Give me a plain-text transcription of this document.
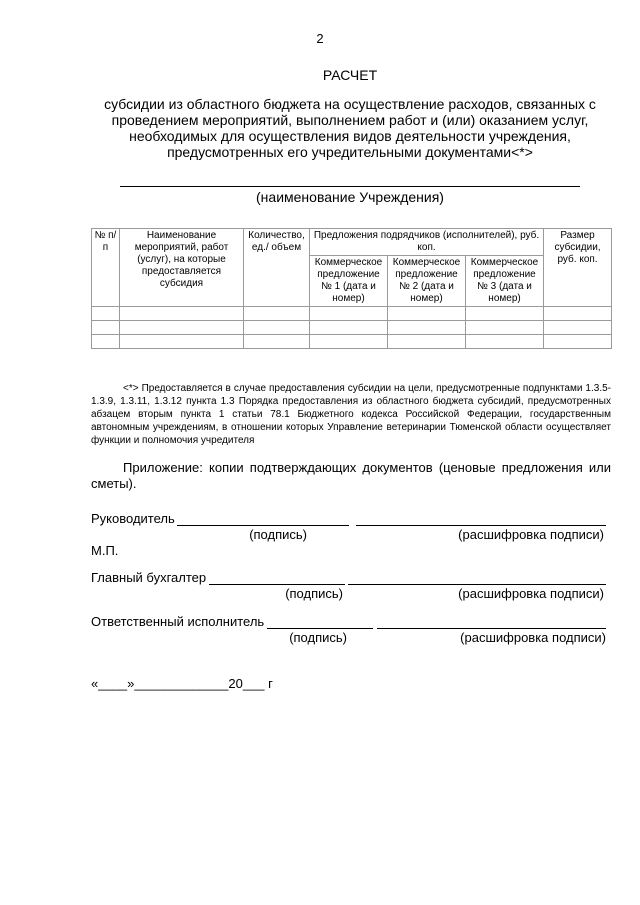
2
РАСЧЕТ
субсидии из областного бюджета на осуществление расходов, связанных с
проведением мероприятий, выполнением работ и (или) оказанием услуг,
необходимых для осуществления видов деятельности учреждения,
предусмотренных его учредительными документами<*>
(наименование Учреждения)
№ п/п	Наименование мероприятий, работ (услуг), на которые предоставляется субсидия	Количество, ед./ объем	Предложения подрядчиков (исполнителей), руб. коп.			Размер субсидии, руб. коп.
			Коммерческое предложение № 1 (дата и номер)	Коммерческое предложение № 2 (дата и номер)	Коммерческое предложение № 3 (дата и номер)	

<*> Предоставляется в случае предоставления субсидии на цели, предусмотренные подпунктами 1.3.5-1.3.9, 1.3.11, 1.3.12 пункта 1.3 Порядка предоставления из областного бюджета субсидий, предусмотренных абзацем вторым пункта 1 статьи 78.1 Бюджетного кодекса Российской Федерации, государственным автономным учреждениям, в отношении которых Управление ветеринарии Тюменской области осуществляет функции и полномочия учредителя
Приложение: копии подтверждающих документов (ценовые предложения или сметы).
Руководитель
(подпись)	(расшифровка подписи)
М.П.
Главный бухгалтер
(подпись)	(расшифровка подписи)
Ответственный исполнитель
(подпись)	(расшифровка подписи)
«____»_____________20___ г
